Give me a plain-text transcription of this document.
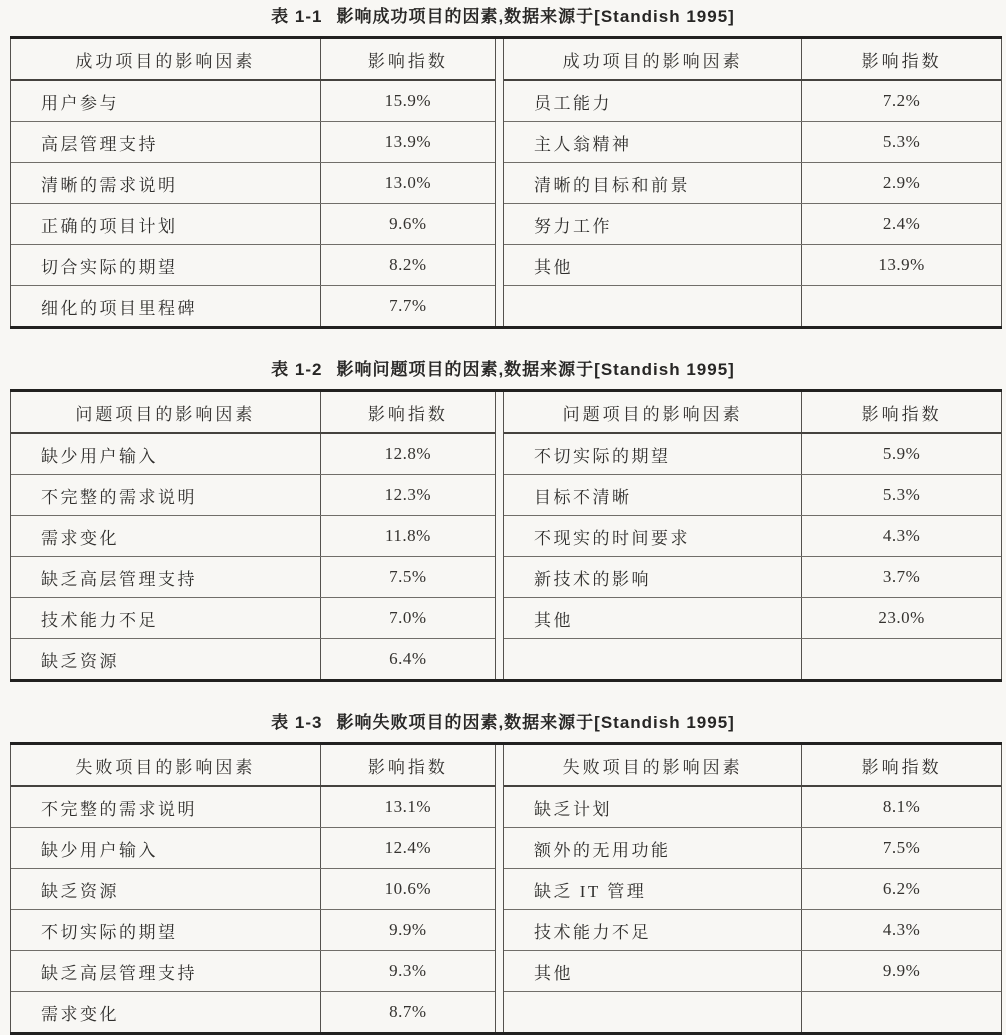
表 1-1 影响成功项目的因素,数据来源于[Standish 1995]
成功项目的影响因素	影响指数
用户参与	15.9%
高层管理支持	13.9%
清晰的需求说明	13.0%
正确的项目计划	9.6%
切合实际的期望	8.2%
细化的项目里程碑	7.7%
成功项目的影响因素	影响指数
员工能力	7.2%
主人翁精神	5.3%
清晰的目标和前景	2.9%
努力工作	2.4%
其他	13.9%
表 1-2 影响问题项目的因素,数据来源于[Standish 1995]
问题项目的影响因素	影响指数
缺少用户输入	12.8%
不完整的需求说明	12.3%
需求变化	11.8%
缺乏高层管理支持	7.5%
技术能力不足	7.0%
缺乏资源	6.4%
问题项目的影响因素	影响指数
不切实际的期望	5.9%
目标不清晰	5.3%
不现实的时间要求	4.3%
新技术的影响	3.7%
其他	23.0%
表 1-3 影响失败项目的因素,数据来源于[Standish 1995]
失败项目的影响因素	影响指数
不完整的需求说明	13.1%
缺少用户输入	12.4%
缺乏资源	10.6%
不切实际的期望	9.9%
缺乏高层管理支持	9.3%
需求变化	8.7%
失败项目的影响因素	影响指数
缺乏计划	8.1%
额外的无用功能	7.5%
缺乏 IT 管理	6.2%
技术能力不足	4.3%
其他	9.9%
